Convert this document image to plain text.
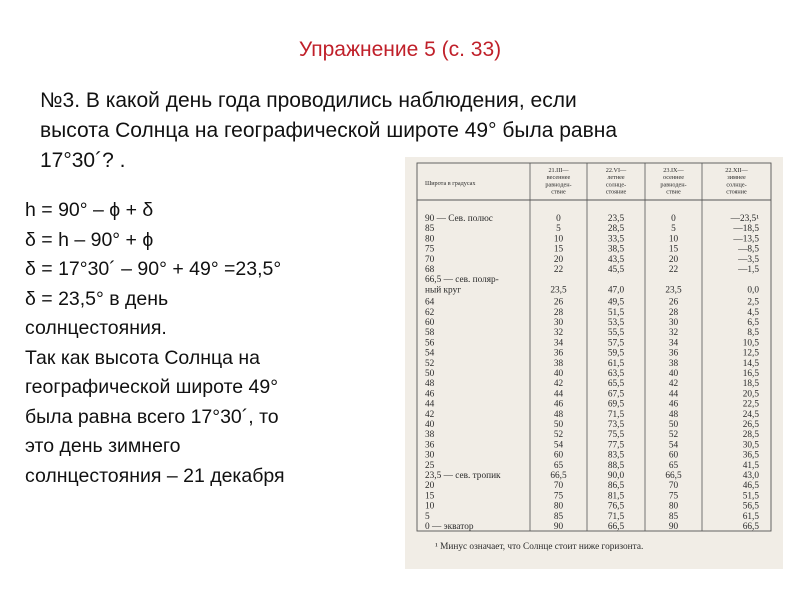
Упражнение 5 (с. 33)
№3. В какой день года проводились наблюдения, если
высота Солнца на географической широте 49° была равна
17°30´? .
h = 90° – ϕ + δ
δ = h – 90° + ϕ
δ = 17°30´ – 90° + 49° =23,5°
δ = 23,5° в день
солнцестояния.
Так как высота Солнца на
географической широте 49°
была равна всего 17°30´, то
это день зимнего
солнцестояния – 21 декабря
Широта в градусах
21.III—
весеннее
равноден-
ствие
22.VI—
летнее
солнце-
стояние
23.IX—
осеннее
равноден-
ствие
22.XII—
зимнее
солнце-
стояние
90 — Сев. полюс	0	23,5	0	—23,5¹
85	5	28,5	5	—18,5
80	10	33,5	10	—13,5
75	15	38,5	15	—8,5
70	20	43,5	20	—3,5
68	22	45,5	22	—1,5
66,5 — сев. поляр-
ный круг	23,5	47,0	23,5	0,0
64	26	49,5	26	2,5
62	28	51,5	28	4,5
60	30	53,5	30	6,5
58	32	55,5	32	8,5
56	34	57,5	34	10,5
54	36	59,5	36	12,5
52	38	61,5	38	14,5
50	40	63,5	40	16,5
48	42	65,5	42	18,5
46	44	67,5	44	20,5
44	46	69,5	46	22,5
42	48	71,5	48	24,5
40	50	73,5	50	26,5
38	52	75,5	52	28,5
36	54	77,5	54	30,5
30	60	83,5	60	36,5
25	65	88,5	65	41,5
23,5 — сев. тропик	66,5	90,0	66,5	43,0
20	70	86,5	70	46,5
15	75	81,5	75	51,5
10	80	76,5	80	56,5
5	85	71,5	85	61,5
0 — экватор	90	66,5	90	66,5
¹ Минус означает, что Солнце стоит ниже горизонта.
